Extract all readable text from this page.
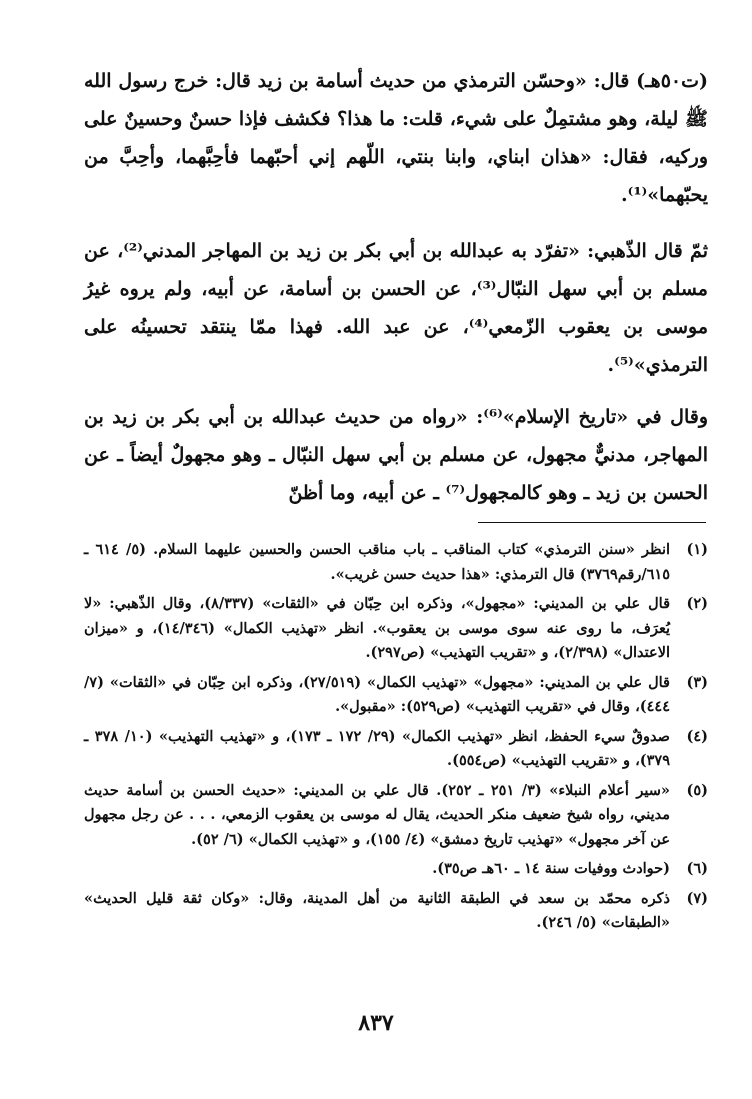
(ت٥٠هـ) قال: «وحسّن الترمذي من حديث أسامة بن زيد قال: خرج رسول الله ﷺ ليلة، وهو مشتمِلٌ على شيء، قلت: ما هذا؟ فكشف فإذا حسنٌ وحسينٌ على وركيه، فقال: «هذان ابناي، وابنا بنتي، اللّهم إني أحبّهما فأحِبَّهما، وأحِبَّ من يحبّهما»⁽¹⁾.
ثمّ قال الذّهبي: «تفرّد به عبدالله بن أبي بكر بن زيد بن المهاجر المدني⁽²⁾، عن مسلم بن أبي سهل النبّال⁽³⁾، عن الحسن بن أسامة، عن أبيه، ولم يروه غيرُ موسى بن يعقوب الزّمعي⁽⁴⁾، عن عبد الله. فهذا ممّا ينتقد تحسينُه على الترمذي»⁽⁵⁾.
وقال في «تاريخ الإسلام»⁽⁶⁾: «رواه من حديث عبدالله بن أبي بكر بن زيد بن المهاجر، مدنيٌّ مجهول، عن مسلم بن أبي سهل النبّال ـ وهو مجهولٌ أيضاً ـ عن الحسن بن زيد ـ وهو كالمجهول⁽⁷⁾ ـ عن أبيه، وما أظنّ
(١)
انظر «سنن الترمذي» كتاب المناقب ـ باب مناقب الحسن والحسين عليهما السلام. (٥/ ٦١٤ ـ ٦١٥/رقم٣٧٦٩) قال الترمذي: «هذا حديث حسن غريب».
(٢)
قال علي بن المديني: «مجهول»، وذكره ابن حِبّان في «الثقات» (٨/٣٣٧)، وقال الذّهبي: «لا يُعرَف، ما روى عنه سوى موسى بن يعقوب». انظر «تهذيب الكمال» (١٤/٣٤٦)، و «ميزان الاعتدال» (٢/٣٩٨)، و «تقريب التهذيب» (ص٢٩٧).
(٣)
قال علي بن المديني: «مجهول» «تهذيب الكمال» (٢٧/٥١٩)، وذكره ابن حِبّان في «الثقات» (٧/ ٤٤٤)، وقال في «تقريب التهذيب» (ص٥٢٩): «مقبول».
(٤)
صدوقٌ سيء الحفظ، انظر «تهذيب الكمال» (٢٩/ ١٧٢ ـ ١٧٣)، و «تهذيب التهذيب» (١٠/ ٣٧٨ ـ ٣٧٩)، و «تقريب التهذيب» (ص٥٥٤).
(٥)
«سير أعلام النبلاء» (٣/ ٢٥١ ـ ٢٥٢). قال علي بن المديني: «حديث الحسن بن أسامة حديث مديني، رواه شيخ ضعيف منكر الحديث، يقال له موسى بن يعقوب الزمعي، . . . عن رجل مجهول عن آخر مجهول» «تهذيب تاريخ دمشق» (٤/ ١٥٥)، و «تهذيب الكمال» (٦/ ٥٢).
(٦)
(حوادث ووفيات سنة ١٤ ـ ٦٠هـ ص٣٥).
(٧)
ذكره محمّد بن سعد في الطبقة الثانية من أهل المدينة، وقال: «وكان ثقة قليل الحديث» «الطبقات» (٥/ ٢٤٦).
٨٣٧
